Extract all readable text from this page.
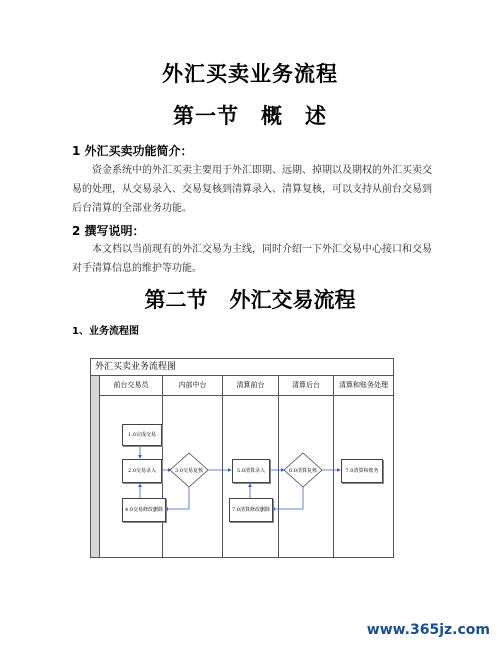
外汇买卖业务流程
第一节 概　述
1 外汇买卖功能简介：

资金系统中的外汇买卖主要用于外汇即期、远期、掉期以及期权的外汇买卖交易的处理，从交易录入、交易复核到清算录入、清算复核，可以支持从前台交易到后台清算的全部业务功能。

2 撰写说明：

本文档以当前现有的外汇交易为主线，同时介绍一下外汇交易中心接口和交易对手清算信息的维护等功能。

第二节 外汇交易流程
1、业务流程图
外汇买卖业务流程图
前台交易员	内部中台	清算前台	清算后台	清算和账务处理
1.0完成交易
2.0交易录入
4.0交易修改删除
3.0交易复核	5.0清算录入
7.0清算修改删除
6.0清算复核	7.0清算和账务
www.365jz.com
